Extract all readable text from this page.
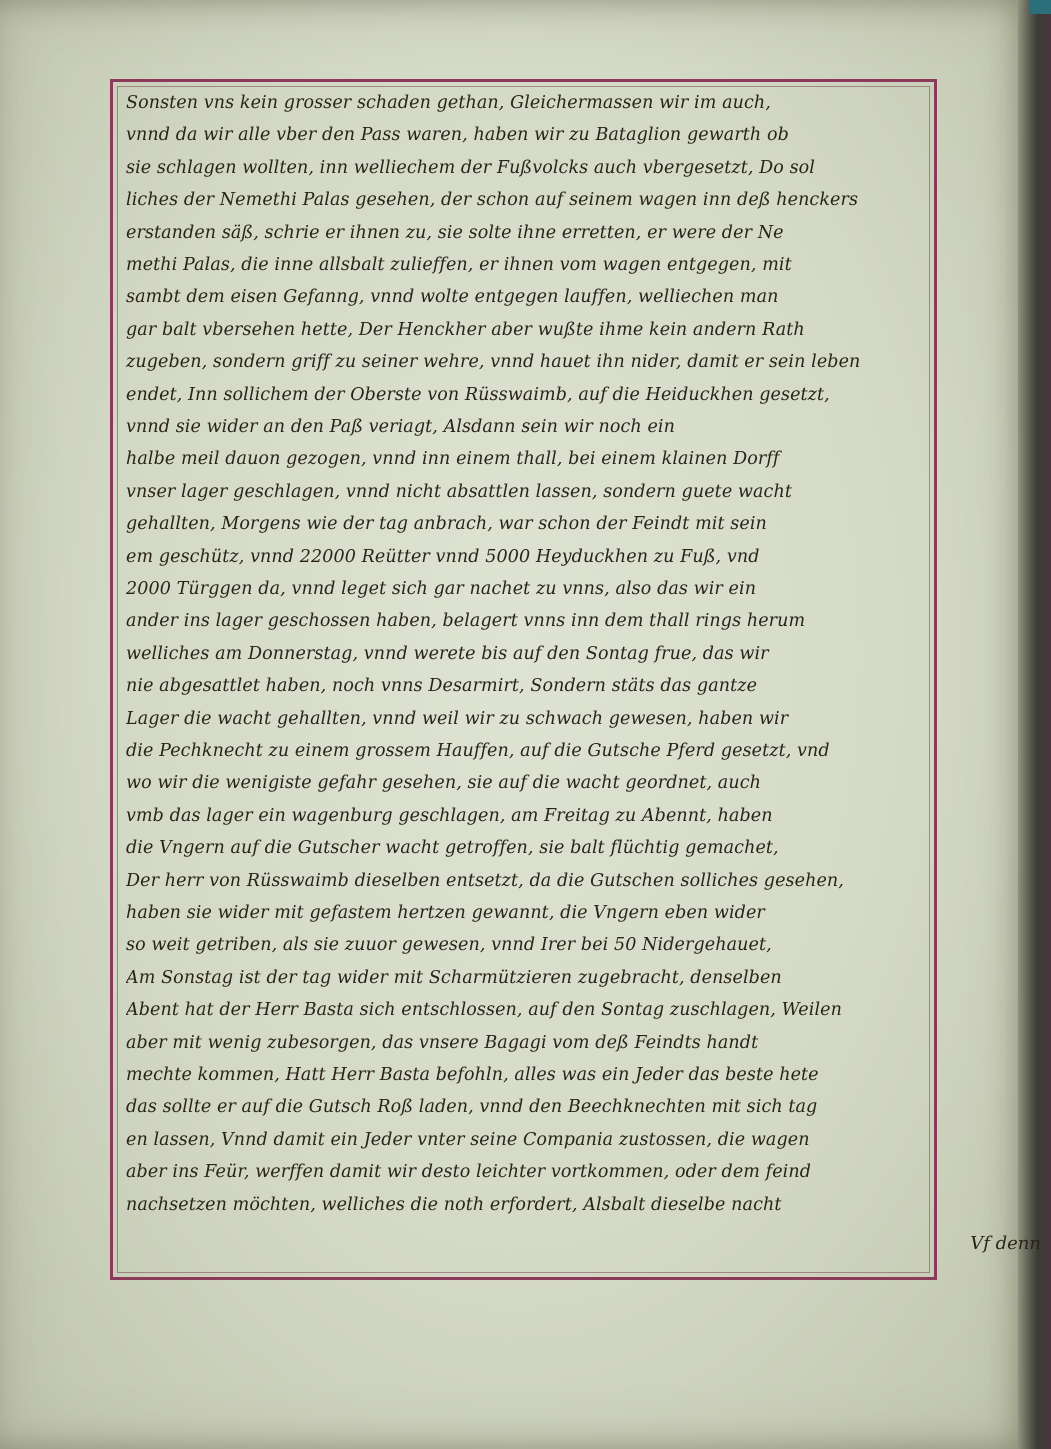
Sonsten vns kein grosser schaden gethan, Gleichermassen wir im auch,
vnnd da wir alle vber den Pass waren, haben wir zu Bataglion gewarth ob
sie schlagen wollten, inn welliechem der Fußvolcks auch vbergesetzt, Do sol
liches der Nemethi Palas gesehen, der schon auf seinem wagen inn deß henckers
erstanden säß, schrie er ihnen zu, sie solte ihne erretten, er were der Ne
methi Palas, die inne allsbalt zulieffen, er ihnen vom wagen entgegen, mit
sambt dem eisen Gefanng, vnnd wolte entgegen lauffen, welliechen man
gar balt vbersehen hette, Der Henckher aber wußte ihme kein andern Rath
zugeben, sondern griff zu seiner wehre, vnnd hauet ihn nider, damit er sein leben
endet, Inn sollichem der Oberste von Rüsswaimb, auf die Heiduckhen gesetzt,
vnnd sie wider an den Paß veriagt, Alsdann sein wir noch ein
halbe meil dauon gezogen, vnnd inn einem thall, bei einem klainen Dorff
vnser lager geschlagen, vnnd nicht absattlen lassen, sondern guete wacht
gehallten, Morgens wie der tag anbrach, war schon der Feindt mit sein
em geschütz, vnnd 22000 Reütter vnnd 5000 Heyduckhen zu Fuß, vnd
2000 Türggen da, vnnd leget sich gar nachet zu vnns, also das wir ein
ander ins lager geschossen haben, belagert vnns inn dem thall rings herum
welliches am Donnerstag, vnnd werete bis auf den Sontag frue, das wir
nie abgesattlet haben, noch vnns Desarmirt, Sondern stäts das gantze
Lager die wacht gehallten, vnnd weil wir zu schwach gewesen, haben wir
die Pechknecht zu einem grossem Hauffen, auf die Gutsche Pferd gesetzt, vnd
wo wir die wenigiste gefahr gesehen, sie auf die wacht geordnet, auch
vmb das lager ein wagenburg geschlagen, am Freitag zu Abennt, haben
die Vngern auf die Gutscher wacht getroffen, sie balt flüchtig gemachet,
Der herr von Rüsswaimb dieselben entsetzt, da die Gutschen solliches gesehen,
haben sie wider mit gefastem hertzen gewannt, die Vngern eben wider
so weit getriben, als sie zuuor gewesen, vnnd Irer bei 50 Nidergehauet,
Am Sonstag ist der tag wider mit Scharmützieren zugebracht, denselben
Abent hat der Herr Basta sich entschlossen, auf den Sontag zuschlagen, Weilen
aber mit wenig zubesorgen, das vnsere Bagagi vom deß Feindts handt
mechte kommen, Hatt Herr Basta befohln, alles was ein Jeder das beste hete
das sollte er auf die Gutsch Roß laden, vnnd den Beechknechten mit sich tag
en lassen, Vnnd damit ein Jeder vnter seine Compania zustossen, die wagen
aber ins Feür, werffen damit wir desto leichter vortkommen, oder dem feind
nachsetzen möchten, welliches die noth erfordert, Alsbalt dieselbe nacht
Vf denn
